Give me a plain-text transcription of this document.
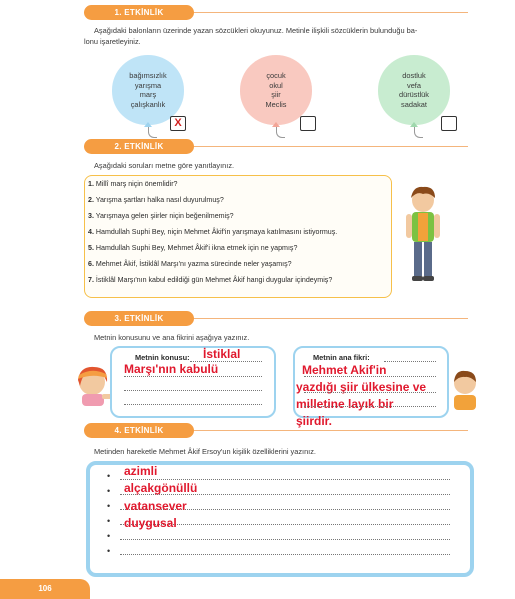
1. ETKİNLİK
Aşağıdaki balonların üzerinde yazan sözcükleri okuyunuz. Metinle ilişkili sözcüklerin bulunduğu ba-
lonu işaretleyiniz.
bağımsızlık
yarışma
marş
çalışkanlık
X
çocuk
okul
şiir
Meclis
dostluk
vefa
dürüstlük
sadakat
2. ETKİNLİK
Aşağıdaki soruları metne göre yanıtlayınız.
1. Millî marş niçin önemlidir?
2. Yarışma şartları halka nasıl duyurulmuş?
3. Yarışmaya gelen şiirler niçin beğenilmemiş?
4. Hamdullah Suphi Bey, niçin Mehmet Âkif'in yarışmaya katılmasını istiyormuş.
5. Hamdullah Suphi Bey, Mehmet Âkif'i ikna etmek için ne yapmış?
6. Mehmet Âkif, İstiklâl Marşı'nı yazma sürecinde neler yaşamış?
7. İstiklâl Marşı'nın kabul edildiği gün Mehmet Âkif hangi duygular içindeymiş?
3. ETKİNLİK
Metnin konusunu ve ana fikrini aşağıya yazınız.
Metnin konusu: İstiklal
Marşı'nın kabulü
Metnin ana fikri:
Mehmet Akif'in
yazdığı şiir ülkesine ve
milletine layık bir
şiirdir.
4. ETKİNLİK
Metinden hareketle Mehmet Âkif Ersoy'un kişilik özelliklerini yazınız.
•
•
•
•
•
•
azimli
alçakgönüllü
vatansever
duygusal
106
